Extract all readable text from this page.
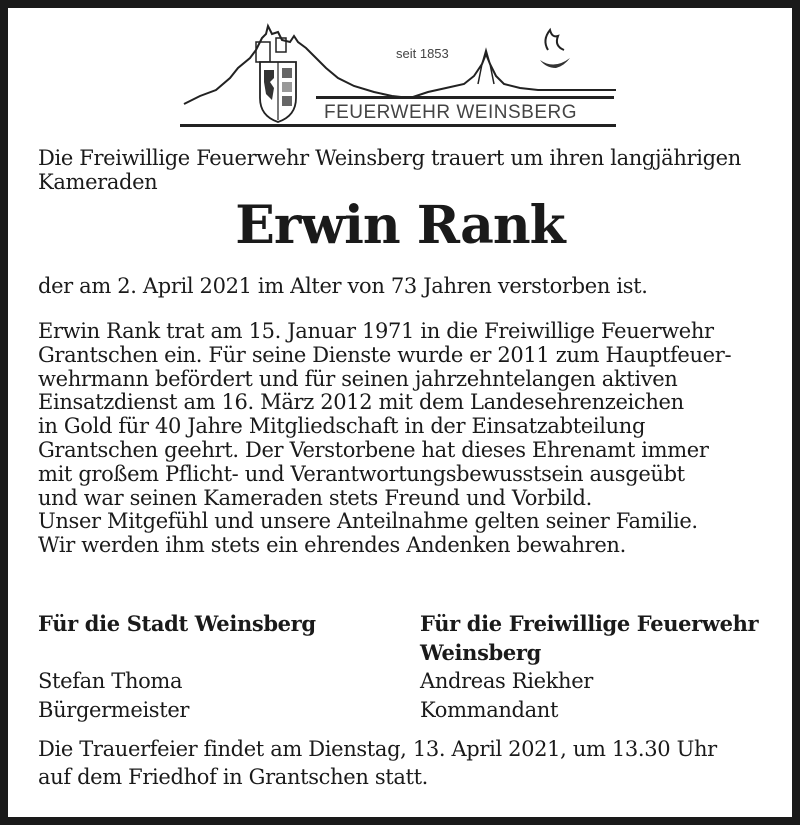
seit 1853
FEUERWEHR WEINSBERG
Die Freiwillige Feuerwehr Weinsberg trauert um ihren langjährigen Kameraden
Erwin Rank
der am 2. April 2021 im Alter von 73 Jahren verstorben ist.

Erwin Rank trat am 15. Januar 1971 in die Freiwillige Feuerwehr

Grantschen ein. Für seine Dienste wurde er 2011 zum Hauptfeuer-

wehrmann befördert und für seinen jahrzehntelangen aktiven

Einsatzdienst am 16. März 2012 mit dem Landesehrenzeichen

in Gold für 40 Jahre Mitgliedschaft in der Einsatzabteilung

Grantschen geehrt. Der Verstorbene hat dieses Ehrenamt immer

mit großem Pflicht- und Verantwortungsbewusstsein ausgeübt

und war seinen Kameraden stets Freund und Vorbild.

Unser Mitgefühl und unsere Anteilnahme gelten seiner Familie.

Wir werden ihm stets ein ehrendes Andenken bewahren.

Für die Stadt Weinsberg
Stefan Thoma
Bürgermeister
Für die Freiwillige Feuerwehr
Weinsberg
Andreas Riekher
Kommandant
Die Trauerfeier findet am Dienstag, 13. April 2021, um 13.30 Uhr
auf dem Friedhof in Grantschen statt.
